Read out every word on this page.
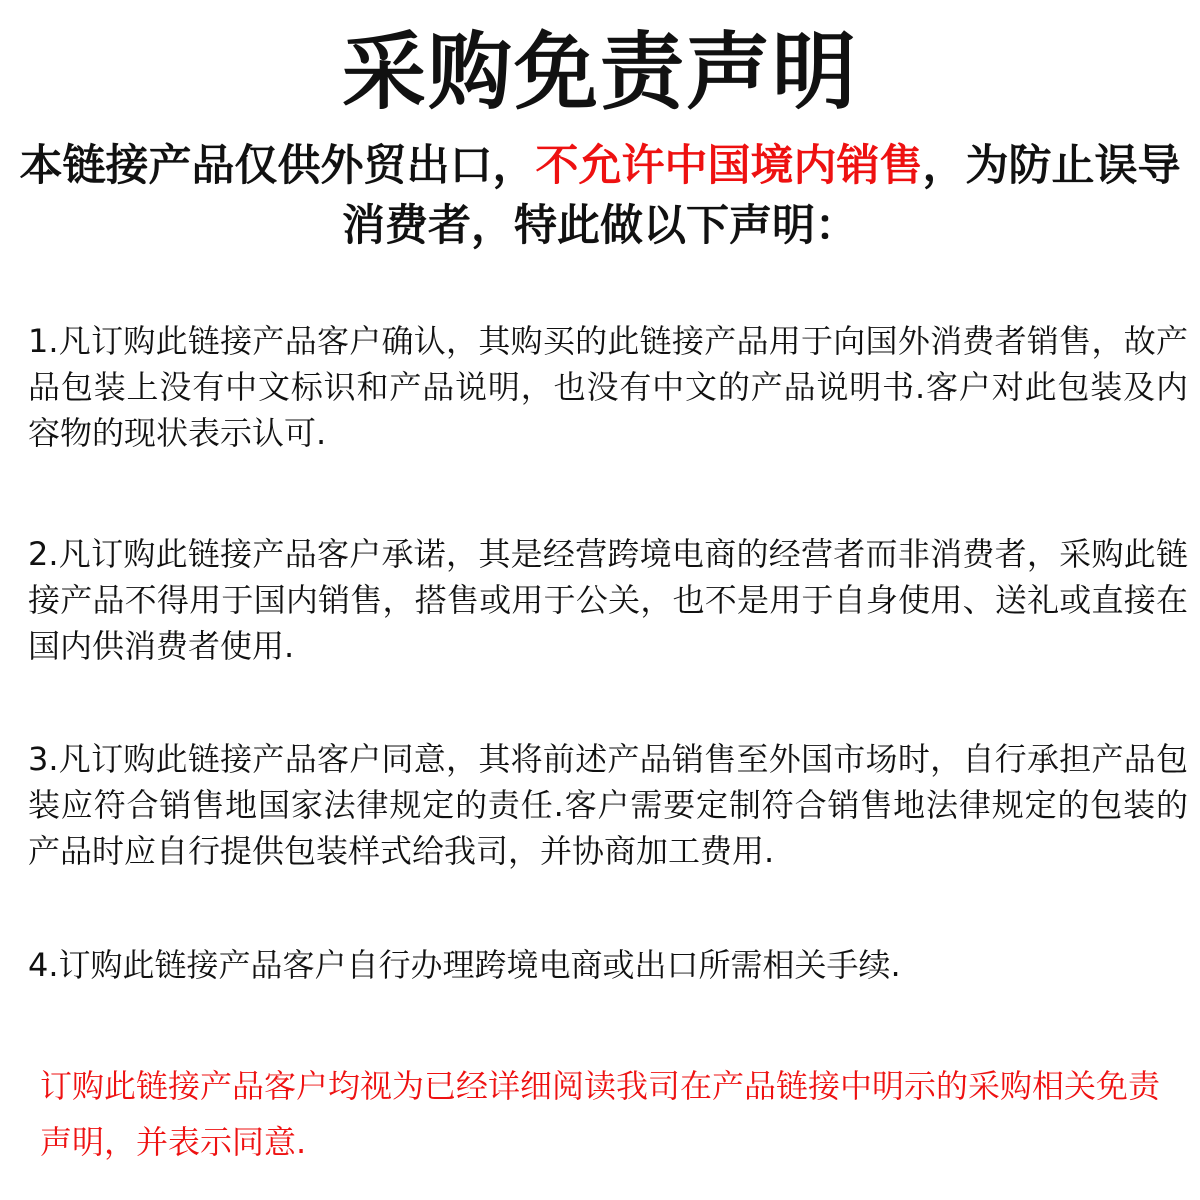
采购免责声明
本链接产品仅供外贸出口，不允许中国境内销售，为防止误导消费者，特此做以下声明：
1.凡订购此链接产品客户确认，其购买的此链接产品用于向国外消费者销售，故产品包装上没有中文标识和产品说明，也没有中文的产品说明书.客户对此包装及内容物的现状表示认可.
2.凡订购此链接产品客户承诺，其是经营跨境电商的经营者而非消费者，采购此链接产品不得用于国内销售，搭售或用于公关，也不是用于自身使用、送礼或直接在国内供消费者使用.
3.凡订购此链接产品客户同意，其将前述产品销售至外国市场时，自行承担产品包装应符合销售地国家法律规定的责任.客户需要定制符合销售地法律规定的包装的产品时应自行提供包装样式给我司，并协商加工费用.
4.订购此链接产品客户自行办理跨境电商或出口所需相关手续.
订购此链接产品客户均视为已经详细阅读我司在产品链接中明示的采购相关免责声明，并表示同意.
